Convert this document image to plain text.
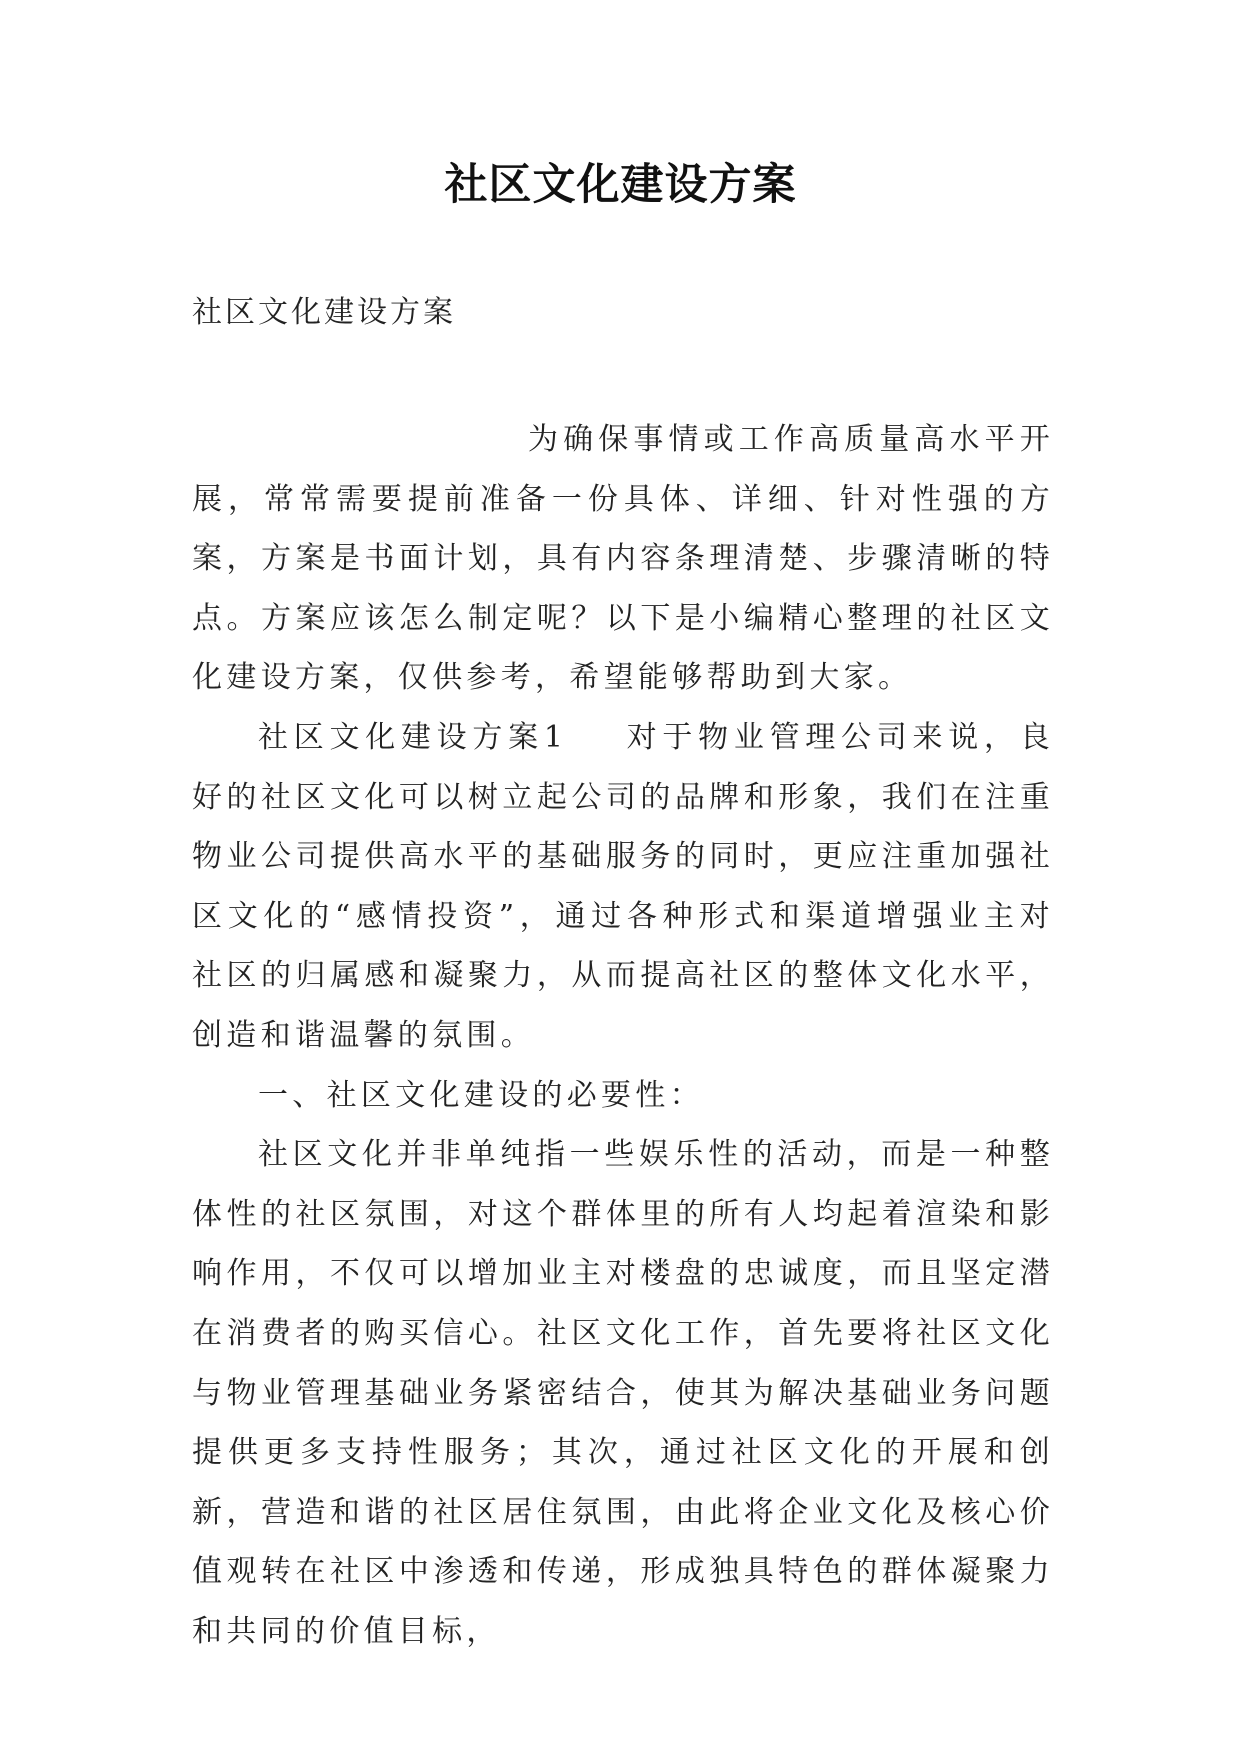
社区文化建设方案
社区文化建设方案

为确保事情或工作高质量高水平开展，常常需要提前准备一份具体、详细、针对性强的方案，方案是书面计划，具有内容条理清楚、步骤清晰的特点。方案应该怎么制定呢？以下是小编精心整理的社区文化建设方案，仅供参考，希望能够帮助到大家。

社区文化建设方案1 对于物业管理公司来说，良好的社区文化可以树立起公司的品牌和形象，我们在注重物业公司提供高水平的基础服务的同时，更应注重加强社区文化的“感情投资”，通过各种形式和渠道增强业主对社区的归属感和凝聚力，从而提高社区的整体文化水平，创造和谐温馨的氛围。

一、社区文化建设的必要性：

社区文化并非单纯指一些娱乐性的活动，而是一种整体性的社区氛围，对这个群体里的所有人均起着渲染和影响作用，不仅可以增加业主对楼盘的忠诚度，而且坚定潜在消费者的购买信心。社区文化工作，首先要将社区文化与物业管理基础业务紧密结合，使其为解决基础业务问题提供更多支持性服务；其次，通过社区文化的开展和创新，营造和谐的社区居住氛围，由此将企业文化及核心价值观转在社区中渗透和传递，形成独具特色的群体凝聚力和共同的价值目标，
